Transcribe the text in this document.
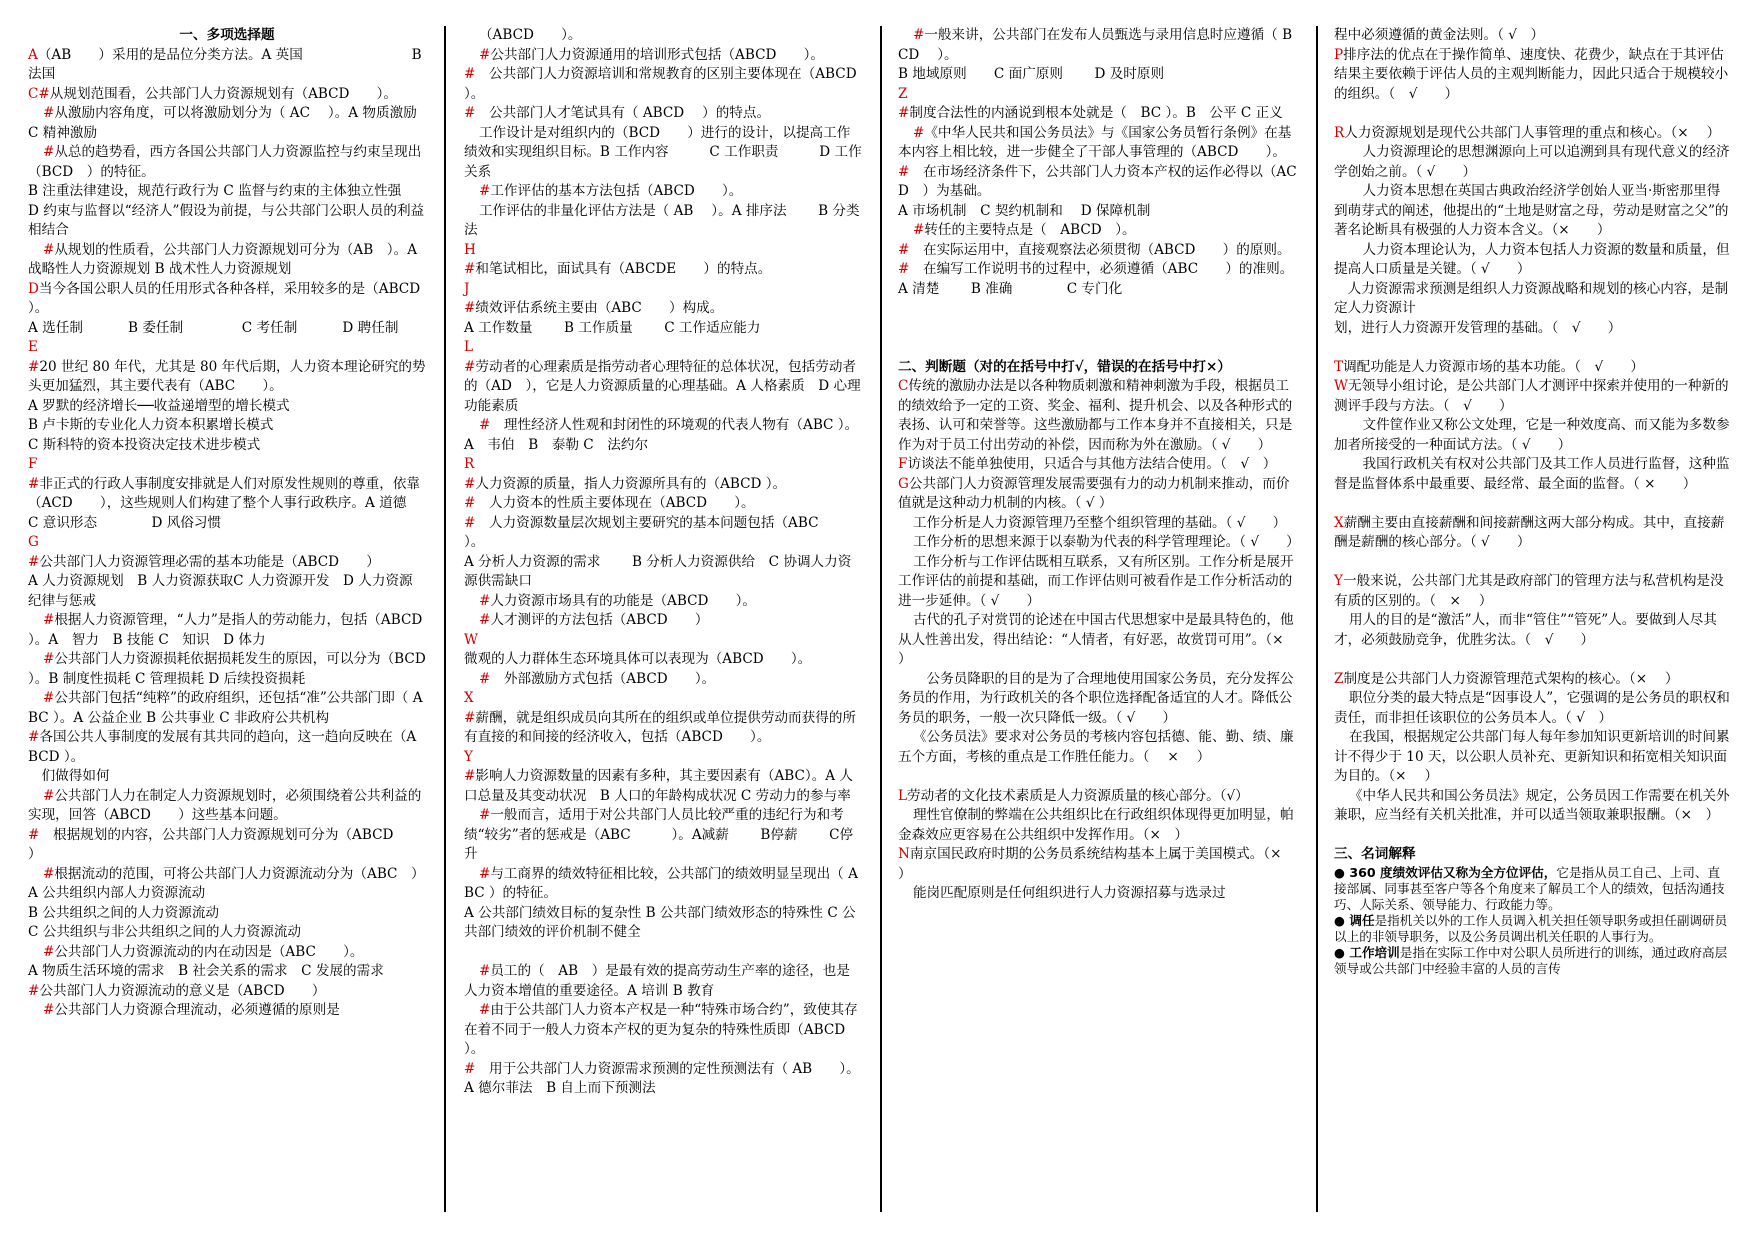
一、多项选择题
A（AB　　）采用的是品位分类方法。A 英国　　　　　　　　B 法国
C#从规划范围看，公共部门人力资源规划有（ABCD　　）。
#从激励内容角度，可以将激励划分为（ AC 　）。A 物质激励　 C 精神激励
#从总的趋势看，西方各国公共部门人力资源监控与约束呈现出（BCD　）的特征。
B 注重法律建设，规范行政行为 C 监督与约束的主体独立性强
D 约束与监督以“经济人”假设为前提，与公共部门公职人员的利益相结合
#从规划的性质看，公共部门人力资源规划可分为（AB　）。A 战略性人力资源规划 B 战术性人力资源规划
D当今各国公职人员的任用形式各种各样，采用较多的是（ABCD　）。
A 选任制　　　 B 委任制　　　　 C 考任制　　　 D 聘任制
E
#20 世纪 80 年代，尤其是 80 年代后期，人力资本理论研究的势头更加猛烈，其主要代表有（ABC　　）。
A 罗默的经济增长──收益递增型的增长模式
B 卢卡斯的专业化人力资本积累增长模式
C 斯科特的资本投资决定技术进步模式
F
#非正式的行政人事制度安排就是人们对原发性规则的尊重，依靠（ACD　　），这些规则人们构建了整个人事行政秩序。A 道德　　C 意识形态　　　　D 风俗习惯
G
#公共部门人力资源管理必需的基本功能是（ABCD　　）
A 人力资源规划　B 人力资源获取C 人力资源开发　D 人力资源纪律与惩戒
#根据人力资源管理，“人力”是指人的劳动能力，包括（ABCD　）。A　智力　B 技能 C　知识　D 体力
#公共部门人力资源损耗依据损耗发生的原因，可以分为（BCD ）。B 制度性损耗 C 管理损耗 D 后续投资损耗
#公共部门包括“纯粹”的政府组织，还包括“准”公共部门即（ ABC ）。A 公益企业 B 公共事业 C 非政府公共机构
#各国公共人事制度的发展有其共同的趋向，这一趋向反映在（ABCD ）。
　们做得如何
#公共部门人力在制定人力资源规划时，必须围绕着公共利益的实现，回答（ABCD　　）这些基本问题。
#　根据规划的内容，公共部门人力资源规划可分为（ABCD　　）
#根据流动的范围，可将公共部门人力资源流动分为（ABC　）
A 公共组织内部人力资源流动
B 公共组织之间的人力资源流动
C 公共组织与非公共组织之间的人力资源流动
#公共部门人力资源流动的内在动因是（ABC　　）。
A 物质生活环境的需求　B 社会关系的需求　C 发展的需求
#公共部门人力资源流动的意义是（ABCD　　）
#公共部门人力资源合理流动，必须遵循的原则是
（ABCD　　）。
#公共部门人力资源通用的培训形式包括（ABCD　　）。
#　公共部门人力资源培训和常规教育的区别主要体现在（ABCD　　）。
#　公共部门人才笔试具有（ ABCD 　）的特点。
工作设计是对组织内的（BCD　　）进行的设计，以提高工作绩效和实现组织目标。B 工作内容　　　C 工作职责　　　D 工作关系
#工作评估的基本方法包括（ABCD　　）。
工作评估的非量化评估方法是（ AB　 ）。A 排序法　　 B 分类法
H
#和笔试相比，面试具有（ABCDE　　）的特点。
J
#绩效评估系统主要由（ABC　　）构成。
A 工作数量　　 B 工作质量　　 C 工作适应能力
L
#劳动者的心理素质是指劳动者心理特征的总体状况，包括劳动者的（AD　），它是人力资源质量的心理基础。A 人格素质　D 心理功能素质
#　理性经济人性观和封闭性的环境观的代表人物有（ABC ）。A　韦伯　B　泰勒 C　法约尔
R
#人力资源的质量，指人力资源所具有的（ABCD ）。
#　人力资本的性质主要体现在（ABCD　　）。
#　人力资源数量层次规划主要研究的基本问题包括（ABC　　）。
A 分析人力资源的需求　　 B 分析人力资源供给　C 协调人力资源供需缺口
#人力资源市场具有的功能是（ABCD　　）。
#人才测评的方法包括（ABCD　　）
W
微观的人力群体生态环境具体可以表现为（ABCD　　）。
#　外部激励方式包括（ABCD　　）。
X
#薪酬，就是组织成员向其所在的组织或单位提供劳动而获得的所有直接的和间接的经济收入，包括（ABCD　　）。
Y
#影响人力资源数量的因素有多种，其主要因素有（ABC）。A 人口总量及其变动状况　B 人口的年龄构成状况 C 劳动力的参与率
#一般而言，适用于对公共部门人员比较严重的违纪行为和考绩“较劣”者的惩戒是（ABC　　　）。A减薪　　 B停薪　　 C停升
#与工商界的绩效特征相比较，公共部门的绩效明显呈现出（ ABC ）的特征。
A 公共部门绩效目标的复杂性 B 公共部门绩效形态的特殊性 C 公共部门绩效的评价机制不健全
#员工的（　AB　）是最有效的提高劳动生产率的途径，也是人力资本增值的重要途径。A 培训 B 教育
#由于公共部门人力资本产权是一种“特殊市场合约”，致使其存在着不同于一般人力资本产权的更为复杂的特殊性质即（ABCD　　）。
#　用于公共部门人力资源需求预测的定性预测法有（ AB　　）。
A 德尔菲法　B 自上而下预测法
#一般来讲，公共部门在发布人员甄选与录用信息时应遵循（ BCD 　）。
B 地域原则　　C 面广原则　　 D 及时原则
Z
#制度合法性的内涵说到根本处就是（　BC ）。B　公平 C 正义
#《中华人民共和国公务员法》与《国家公务员暂行条例》在基本内容上相比较，进一步健全了干部人事管理的（ABCD　　）。
#　在市场经济条件下，公共部门人力资本产权的运作必得以（ACD　）为基础。
A 市场机制　C 契约机制和　 D 保障机制
#转任的主要特点是（　ABCD　）。
#　在实际运用中，直接观察法必须贯彻（ABCD　　）的原则。
#　在编写工作说明书的过程中，必须遵循（ABC　　）的准则。
A 清楚　　 B 准确　　　　C 专门化
二、判断题（对的在括号中打√，错误的在括号中打×）
C传统的激励办法是以各种物质刺激和精神刺激为手段，根据员工的绩效给予一定的工资、奖金、福利、提升机会、以及各种形式的表扬、认可和荣誉等。这些激励都与工作本身并不直接相关，只是作为对于员工付出劳动的补偿，因而称为外在激励。（ √　　）
F访谈法不能单独使用，只适合与其他方法结合使用。（　√　）
G公共部门人力资源管理发展需要强有力的动力机制来推动，而价值就是这种动力机制的内核。（ √ ）
工作分析是人力资源管理乃至整个组织管理的基础。（ √　　）
工作分析的思想来源于以泰勒为代表的科学管理理论。（ √　　）
工作分析与工作评估既相互联系，又有所区别。工作分析是展开工作评估的前提和基础，而工作评估则可被看作是工作分析活动的进一步延伸。（ √　　）
古代的孔子对赏罚的论述在中国古代思想家中是最具特色的，他从人性善出发，得出结论：“人情者，有好恶，故赏罚可用”。（×　　）
　公务员降职的目的是为了合理地使用国家公务员，充分发挥公务员的作用，为行政机关的各个职位选择配备适宜的人才。降低公务员的职务，一般一次只降低一级。（ √　　）
《公务员法》要求对公务员的考核内容包括德、能、勤、绩、廉五个方面，考核的重点是工作胜任能力。（　 ×　 ）
L劳动者的文化技术素质是人力资源质量的核心部分。（√）
理性官僚制的弊端在公共组织比在行政组织体现得更加明显，帕金森效应更容易在公共组织中发挥作用。（×　）
N南京国民政府时期的公务员系统结构基本上属于美国模式。（×　）
能岗匹配原则是任何组织进行人力资源招募与选录过
程中必须遵循的黄金法则。（ √　）
P排序法的优点在于操作简单、速度快、花费少，缺点在于其评估结果主要依赖于评估人员的主观判断能力，因此只适合于规模较小的组织。（　√　　）
R人力资源规划是现代公共部门人事管理的重点和核心。（×　 ）
　人力资源理论的思想渊源向上可以追溯到具有现代意义的经济学创始之前。（ √　　）
　人力资本思想在英国古典政治经济学创始人亚当·斯密那里得到萌芽式的阐述，他提出的“土地是财富之母，劳动是财富之父”的著名论断具有极强的人力资本含义。（×　　）
　人力资本理论认为，人力资本包括人力资源的数量和质量，但提高人口质量是关键。（ √　　）
　人力资源需求预测是组织人力资源战略和规划的核心内容，是制定人力资源计
划，进行人力资源开发管理的基础。（　√　　）
T调配功能是人力资源市场的基本功能。（　√　　）
W无领导小组讨论，是公共部门人才测评中探索并使用的一种新的测评手段与方法。（　√　　）
　文件筐作业又称公文处理，它是一种效度高、而又能为多数参加者所接受的一种面试方法。（ √　　）
　我国行政机关有权对公共部门及其工作人员进行监督，这种监督是监督体系中最重要、最经常、最全面的监督。（ ×　　）
X薪酬主要由直接薪酬和间接薪酬这两大部分构成。其中，直接薪酬是薪酬的核心部分。（ √　　）
Y一般来说，公共部门尤其是政府部门的管理方法与私营机构是没有质的区别的。（　×　 ）
用人的目的是“激活”人，而非“管住”“管死”人。要做到人尽其才，必须鼓励竞争，优胜劣汰。（　√　　）
Z制度是公共部门人力资源管理范式架构的核心。（×　 ）
职位分类的最大特点是“因事设人”，它强调的是公务员的职权和责任，而非担任该职位的公务员本人。（ √　）
在我国，根据规定公共部门每人每年参加知识更新培训的时间累计不得少于 10 天，以公职人员补充、更新知识和拓宽相关知识面为目的。（×　 ）
《中华人民共和国公务员法》规定，公务员因工作需要在机关外兼职，应当经有关机关批准，并可以适当领取兼职报酬。（×　）
三、名词解释
● 360 度绩效评估又称为全方位评估，它是指从员工自己、上司、直接部属、同事甚至客户等各个角度来了解员工个人的绩效，包括沟通技巧、人际关系、领导能力、行政能力等。
● 调任是指机关以外的工作人员调入机关担任领导职务或担任副调研员以上的非领导职务，以及公务员调出机关任职的人事行为。
● 工作培训是指在实际工作中对公职人员所进行的训练，通过政府高层领导或公共部门中经验丰富的人员的言传
